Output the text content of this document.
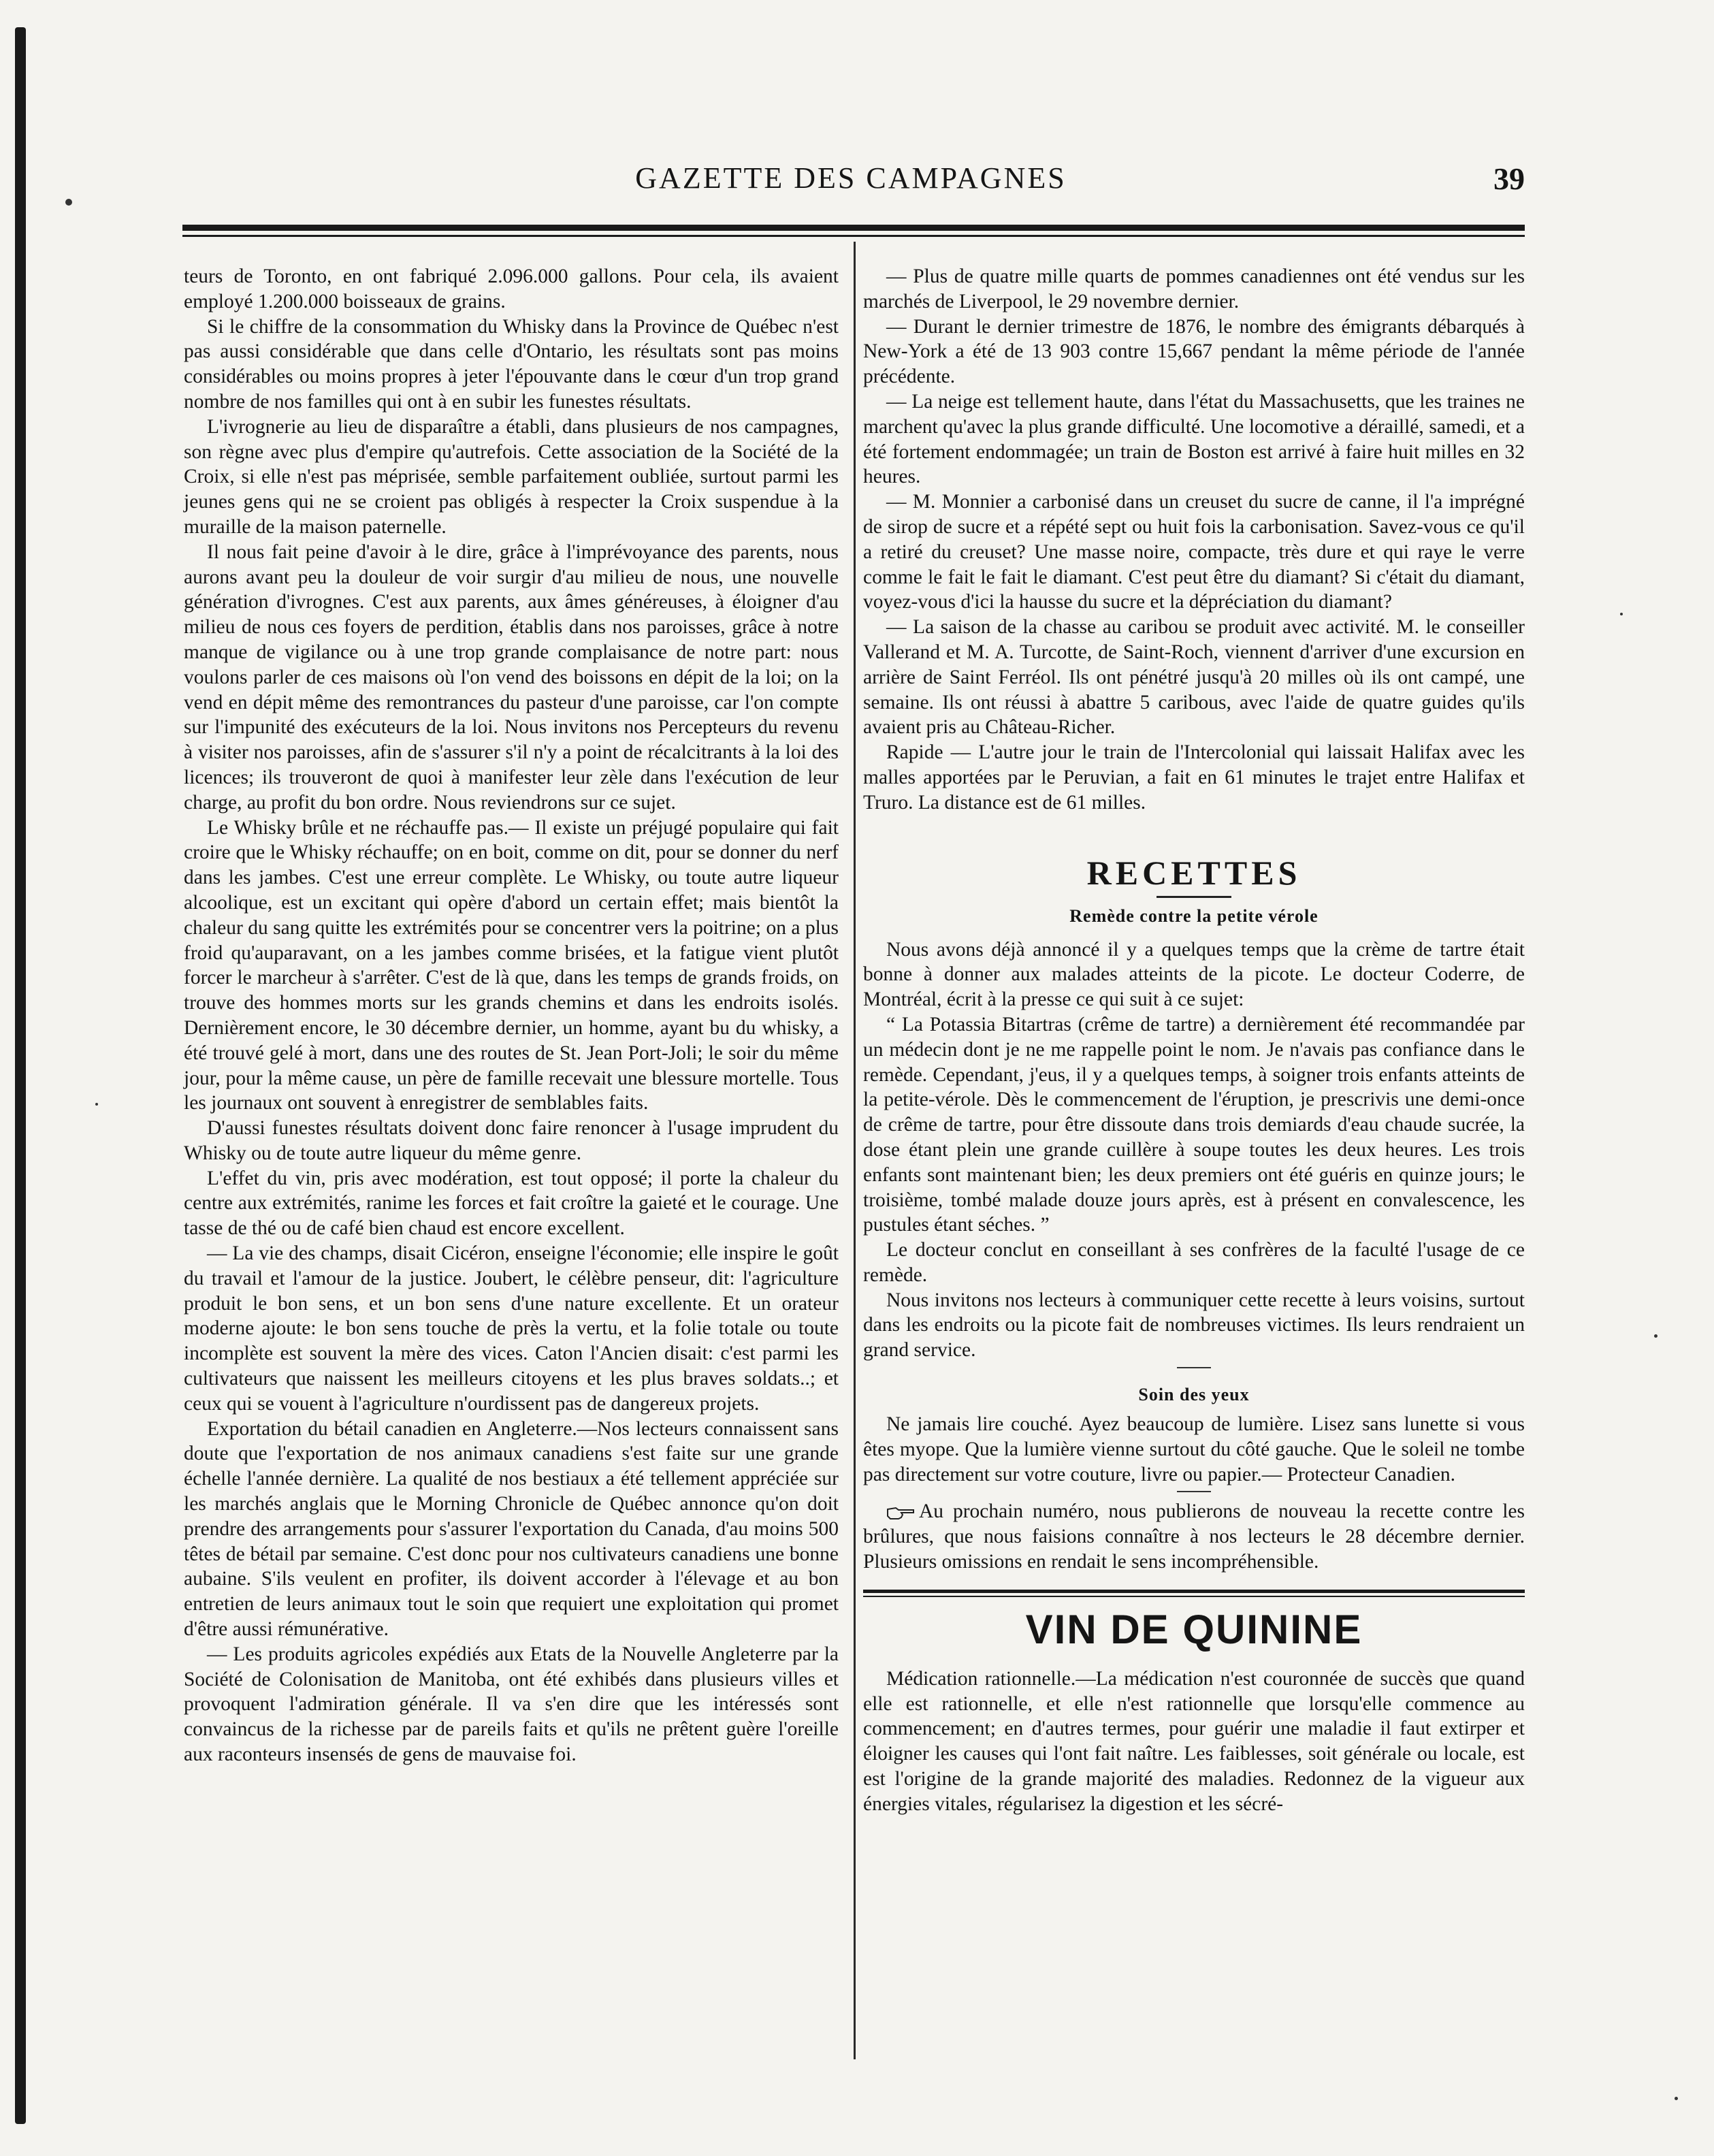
GAZETTE DES CAMPAGNES	39

teurs de Toronto, en ont fabriqué 2.096.000 gallons. Pour cela, ils avaient employé 1.200.000 boisseaux de grains.

Si le chiffre de la consommation du Whisky dans la Province de Québec n'est pas aussi considérable que dans celle d'Ontario, les résultats sont pas moins considérables ou moins propres à jeter l'épouvante dans le cœur d'un trop grand nombre de nos familles qui ont à en subir les funestes résultats.

L'ivrognerie au lieu de disparaître a établi, dans plusieurs de nos campagnes, son règne avec plus d'empire qu'autrefois. Cette association de la Société de la Croix, si elle n'est pas méprisée, semble parfaitement oubliée, surtout parmi les jeunes gens qui ne se croient pas obligés à respecter la Croix suspendue à la muraille de la maison paternelle.

Il nous fait peine d'avoir à le dire, grâce à l'imprévoyance des parents, nous aurons avant peu la douleur de voir surgir d'au milieu de nous, une nouvelle génération d'ivrognes. C'est aux parents, aux âmes généreuses, à éloigner d'au milieu de nous ces foyers de perdition, établis dans nos paroisses, grâce à notre manque de vigilance ou à une trop grande complaisance de notre part: nous voulons parler de ces maisons où l'on vend des boissons en dépit de la loi; on la vend en dépit même des remontrances du pasteur d'une paroisse, car l'on compte sur l'impunité des exécuteurs de la loi. Nous invitons nos Percepteurs du revenu à visiter nos paroisses, afin de s'assurer s'il n'y a point de récalcitrants à la loi des licences; ils trouveront de quoi à manifester leur zèle dans l'exécution de leur charge, au profit du bon ordre. Nous reviendrons sur ce sujet.

Le Whisky brûle et ne réchauffe pas.— Il existe un préjugé populaire qui fait croire que le Whisky réchauffe; on en boit, comme on dit, pour se donner du nerf dans les jambes. C'est une erreur complète. Le Whisky, ou toute autre liqueur alcoolique, est un excitant qui opère d'abord un certain effet; mais bientôt la chaleur du sang quitte les extrémités pour se concentrer vers la poitrine; on a plus froid qu'auparavant, on a les jambes comme brisées, et la fatigue vient plutôt forcer le marcheur à s'arrêter. C'est de là que, dans les temps de grands froids, on trouve des hommes morts sur les grands chemins et dans les endroits isolés. Dernièrement encore, le 30 décembre dernier, un homme, ayant bu du whisky, a été trouvé gelé à mort, dans une des routes de St. Jean Port-Joli; le soir du même jour, pour la même cause, un père de famille recevait une blessure mortelle. Tous les journaux ont souvent à enregistrer de semblables faits.

D'aussi funestes résultats doivent donc faire renoncer à l'usage imprudent du Whisky ou de toute autre liqueur du même genre.

L'effet du vin, pris avec modération, est tout opposé; il porte la chaleur du centre aux extrémités, ranime les forces et fait croître la gaieté et le courage. Une tasse de thé ou de café bien chaud est encore excellent.

— La vie des champs, disait Cicéron, enseigne l'économie; elle inspire le goût du travail et l'amour de la justice. Joubert, le célèbre penseur, dit: l'agriculture produit le bon sens, et un bon sens d'une nature excellente. Et un orateur moderne ajoute: le bon sens touche de près la vertu, et la folie totale ou toute incomplète est souvent la mère des vices. Caton l'Ancien disait: c'est parmi les cultivateurs que naissent les meilleurs citoyens et les plus braves soldats..; et ceux qui se vouent à l'agriculture n'ourdissent pas de dangereux projets.

Exportation du bétail canadien en Angleterre.—Nos lecteurs connaissent sans doute que l'exportation de nos animaux canadiens s'est faite sur une grande échelle l'année dernière. La qualité de nos bestiaux a été tellement appréciée sur les marchés anglais que le Morning Chronicle de Québec annonce qu'on doit prendre des arrangements pour s'assurer l'exportation du Canada, d'au moins 500 têtes de bétail par semaine. C'est donc pour nos cultivateurs canadiens une bonne aubaine. S'ils veulent en profiter, ils doivent accorder à l'élevage et au bon entretien de leurs animaux tout le soin que requiert une exploitation qui promet d'être aussi rémunérative.

— Les produits agricoles expédiés aux Etats de la Nouvelle Angleterre par la Société de Colonisation de Manitoba, ont été exhibés dans plusieurs villes et provoquent l'admiration générale. Il va s'en dire que les intéressés sont convaincus de la richesse par de pareils faits et qu'ils ne prêtent guère l'oreille aux raconteurs insensés de gens de mauvaise foi.

— Plus de quatre mille quarts de pommes canadiennes ont été vendus sur les marchés de Liverpool, le 29 novembre dernier.

— Durant le dernier trimestre de 1876, le nombre des émigrants débarqués à New-York a été de 13 903 contre 15,667 pendant la même période de l'année précédente.

— La neige est tellement haute, dans l'état du Massachusetts, que les traines ne marchent qu'avec la plus grande difficulté. Une locomotive a déraillé, samedi, et a été fortement endommagée; un train de Boston est arrivé à faire huit milles en 32 heures.

— M. Monnier a carbonisé dans un creuset du sucre de canne, il l'a imprégné de sirop de sucre et a répété sept ou huit fois la carbonisation. Savez-vous ce qu'il a retiré du creuset? Une masse noire, compacte, très dure et qui raye le verre comme le fait le fait le diamant. C'est peut être du diamant? Si c'était du diamant, voyez-vous d'ici la hausse du sucre et la dépréciation du diamant?

— La saison de la chasse au caribou se produit avec activité. M. le conseiller Vallerand et M. A. Turcotte, de Saint-Roch, viennent d'arriver d'une excursion en arrière de Saint Ferréol. Ils ont pénétré jusqu'à 20 milles où ils ont campé, une semaine. Ils ont réussi à abattre 5 caribous, avec l'aide de quatre guides qu'ils avaient pris au Château-Richer.

Rapide — L'autre jour le train de l'Intercolonial qui laissait Halifax avec les malles apportées par le Peruvian, a fait en 61 minutes le trajet entre Halifax et Truro. La distance est de 61 milles.

RECETTES
Remède contre la petite vérole

Nous avons déjà annoncé il y a quelques temps que la crème de tartre était bonne à donner aux malades atteints de la picote. Le docteur Coderre, de Montréal, écrit à la presse ce qui suit à ce sujet:

“ La Potassia Bitartras (crême de tartre) a dernièrement été recommandée par un médecin dont je ne me rappelle point le nom. Je n'avais pas confiance dans le remède. Cependant, j'eus, il y a quelques temps, à soigner trois enfants atteints de la petite-vérole. Dès le commencement de l'éruption, je prescrivis une demi-once de crême de tartre, pour être dissoute dans trois demiards d'eau chaude sucrée, la dose étant plein une grande cuillère à soupe toutes les deux heures. Les trois enfants sont maintenant bien; les deux premiers ont été guéris en quinze jours; le troisième, tombé malade douze jours après, est à présent en convalescence, les pustules étant séches. ”

Le docteur conclut en conseillant à ses confrères de la faculté l'usage de ce remède.

Nous invitons nos lecteurs à communiquer cette recette à leurs voisins, surtout dans les endroits ou la picote fait de nombreuses victimes. Ils leurs rendraient un grand service.

Soin des yeux

Ne jamais lire couché. Ayez beaucoup de lumière. Lisez sans lunette si vous êtes myope. Que la lumière vienne surtout du côté gauche. Que le soleil ne tombe pas directement sur votre couture, livre ou papier.— Protecteur Canadien.

Au prochain numéro, nous publierons de nouveau la recette contre les brûlures, que nous faisions connaître à nos lecteurs le 28 décembre dernier. Plusieurs omissions en rendait le sens incompréhensible.

VIN DE QUININE

Médication rationnelle.—La médication n'est couronnée de succès que quand elle est rationnelle, et elle n'est rationnelle que lorsqu'elle commence au commencement; en d'autres termes, pour guérir une maladie il faut extirper et éloigner les causes qui l'ont fait naître. Les faiblesses, soit générale ou locale, est est l'origine de la grande majorité des maladies. Redonnez de la vigueur aux énergies vitales, régularisez la digestion et les sécré-
